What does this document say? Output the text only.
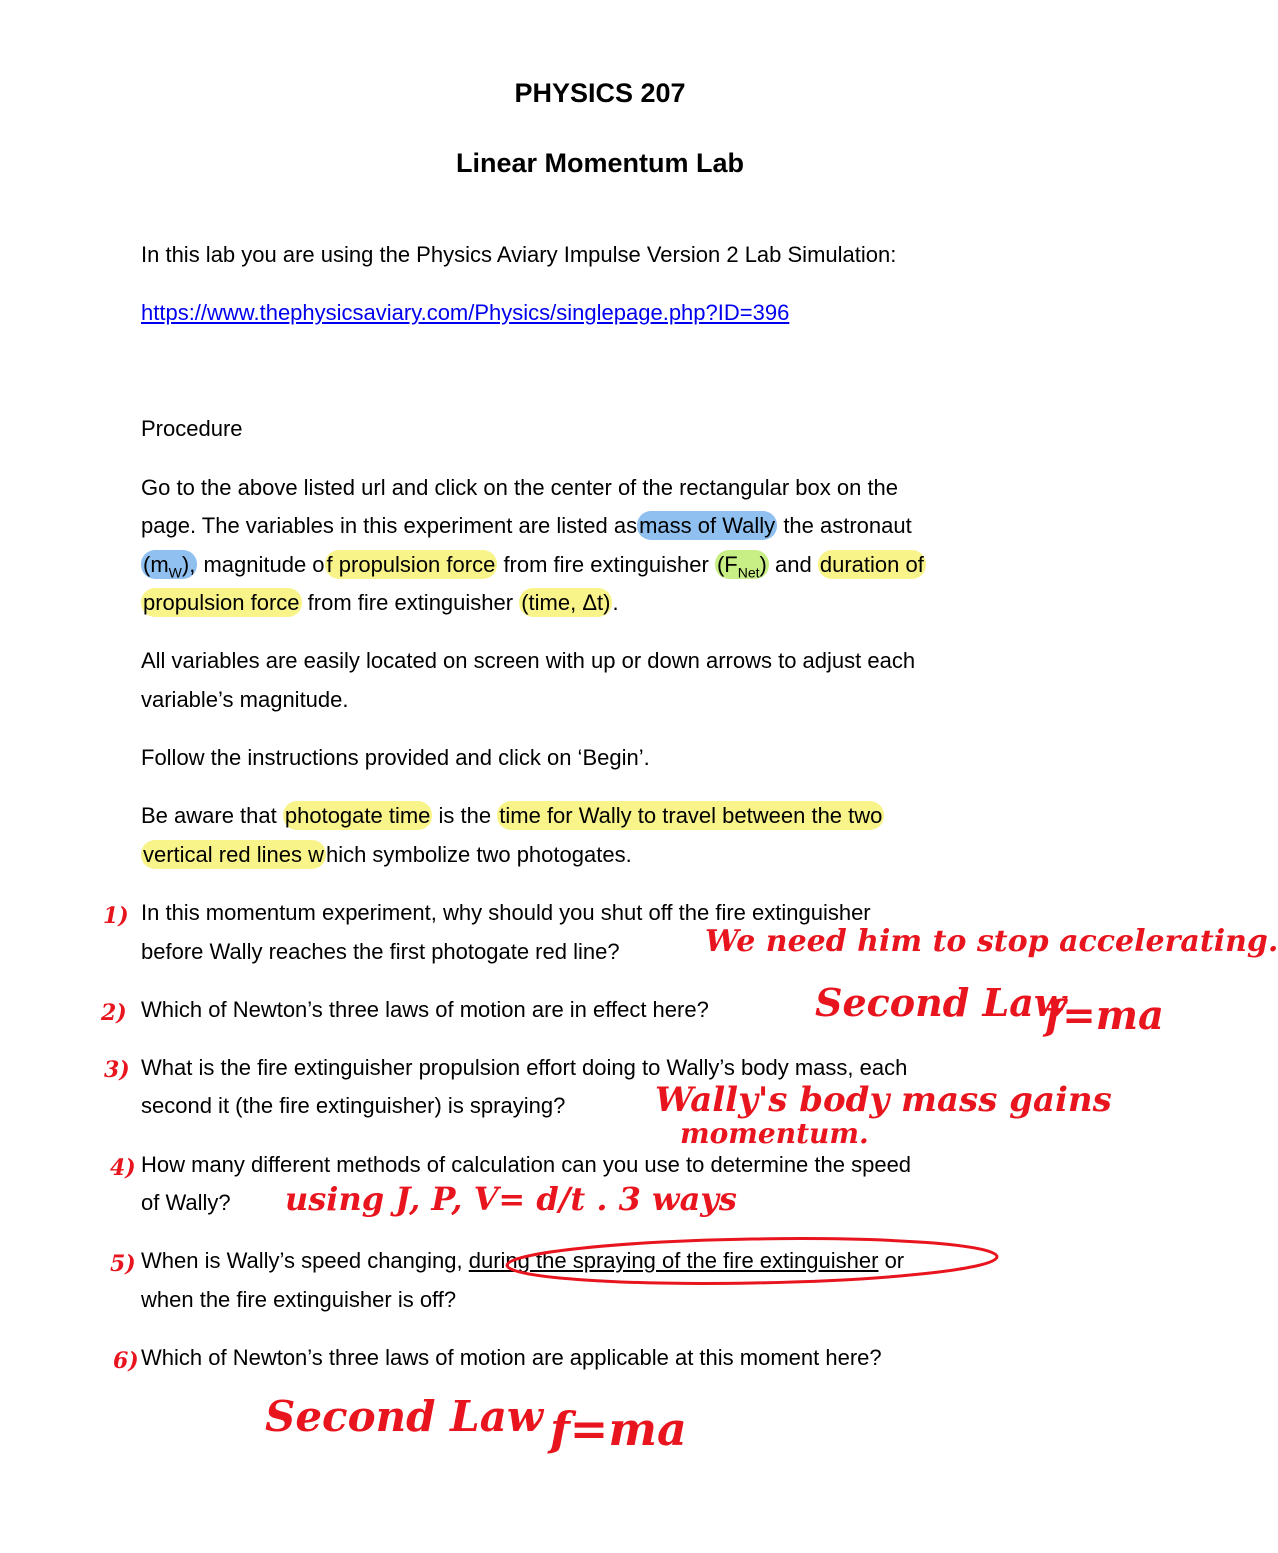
PHYSICS 207
Linear Momentum Lab
In this lab you are using the Physics Aviary Impulse Version 2 Lab Simulation:
https://www.thephysicsaviary.com/Physics/singlepage.php?ID=396
Procedure
Go to the above listed url and click on the center of the rectangular box on the
page. The variables in this experiment are listed asmass of Wally the astronaut
$(m_W)$, magnitude of propulsion force from fire extinguisher $(F_{Net})$ and duration of
propulsion force from fire extinguisher (time, Δt).
All variables are easily located on screen with up or down arrows to adjust each
variable’s magnitude.
Follow the instructions provided and click on ‘Begin’.
Be aware that photogate time is the time for Wally to travel between the two
vertical red lines which symbolize two photogates.
1) In this momentum experiment, why should you shut off the fire extinguisher
before Wally reaches the first photogate red line?
2) Which of Newton’s three laws of motion are in effect here?
3) What is the fire extinguisher propulsion effort doing to Wally’s body mass, each
second it (the fire extinguisher) is spraying?
4) How many different methods of calculation can you use to determine the speed
of Wally?
5) When is Wally’s speed changing, during the spraying of the fire extinguisher or
when the fire extinguisher is off?
6) Which of Newton’s three laws of motion are applicable at this moment here?
We need him to stop accelerating.
Second Law
f=ma
Wally's body mass gains
momentum.
using J, P, V= d/t . 3 ways
Second Law f=ma
